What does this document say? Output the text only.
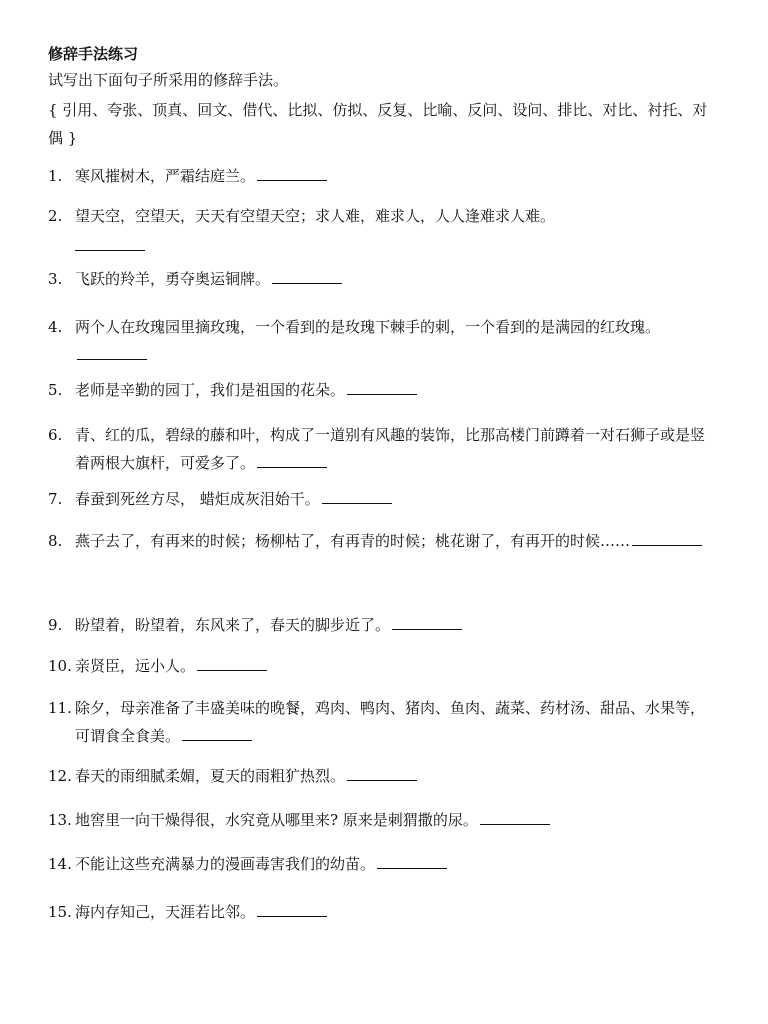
修辞手法练习
试写出下面句子所采用的修辞手法。
{ 引用、夸张、顶真、回文、借代、比拟、仿拟、反复、比喻、反问、设问、排比、对比、衬托、对偶 }
1. 寒风摧树木，严霜结庭兰。
2. 望天空，空望天，天天有空望天空；求人难，难求人，人人逢难求人难。
3. 飞跃的羚羊，勇夺奥运铜牌。
4. 两个人在玫瑰园里摘玫瑰，一个看到的是玫瑰下棘手的刺，一个看到的是满园的红玫瑰。
5. 老师是辛勤的园丁，我们是祖国的花朵。
6. 青、红的瓜，碧绿的藤和叶，构成了一道别有风趣的装饰，比那高楼门前蹲着一对石狮子或是竖着两根大旗杆，可爱多了。
7. 春蚕到死丝方尽， 蜡炬成灰泪始干。
8. 燕子去了，有再来的时候；杨柳枯了，有再青的时候；桃花谢了，有再开的时候……
9. 盼望着，盼望着，东风来了，春天的脚步近了。
10. 亲贤臣，远小人。
11. 除夕，母亲准备了丰盛美味的晚餐，鸡肉、鸭肉、猪肉、鱼肉、蔬菜、药材汤、甜品、水果等，可谓食全食美。
12. 春天的雨细腻柔媚，夏天的雨粗犷热烈。
13. 地窖里一向干燥得很，水究竟从哪里来? 原来是刺猬撒的尿。
14. 不能让这些充满暴力的漫画毒害我们的幼苗。
15. 海内存知己，天涯若比邻。
